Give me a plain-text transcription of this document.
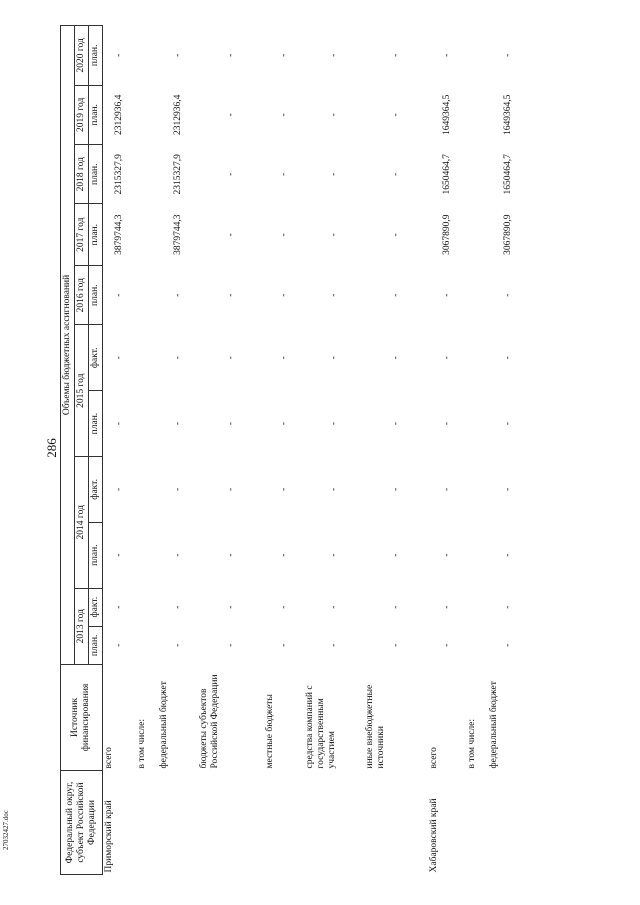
286
27032427.doc	Федеральный округ, субъект Российской Федерации	Источник финансирования	Объемы бюджетных ассигнований										
		2013 год		2014 год		2015 год		2016 год	2017 год	2018 год	2019 год	2020 год
		план.	факт.	план.	факт.	план.	факт.	план.	план.	план.	план.	план.
Приморский край	всего	-	-	-	-	-	-	-	3879744,3	2315327,9	2312936,4	-
	в том числе:											
	федеральный бюджет	-	-	-	-	-	-	-	3879744,3	2315327,9	2312936,4	-
	бюджеты субъектов Российской Федерации	-	-	-	-	-	-	-	-	-	-	-
	местные бюджеты	-	-	-	-	-	-	-	-	-	-	-
	средства компаний с государственным участием	-	-	-	-	-	-	-	-	-	-	-
	иные внебюджетные источники	-	-	-	-	-	-	-	-	-	-	-
Хабаровский край	всего	-	-	-	-	-	-	-	3067890,9	1650464,7	1649364,5	-
	в том числе:											
	федеральный бюджет	-	-	-	-	-	-	-	3067890,9	1650464,7	1649364,5	-
